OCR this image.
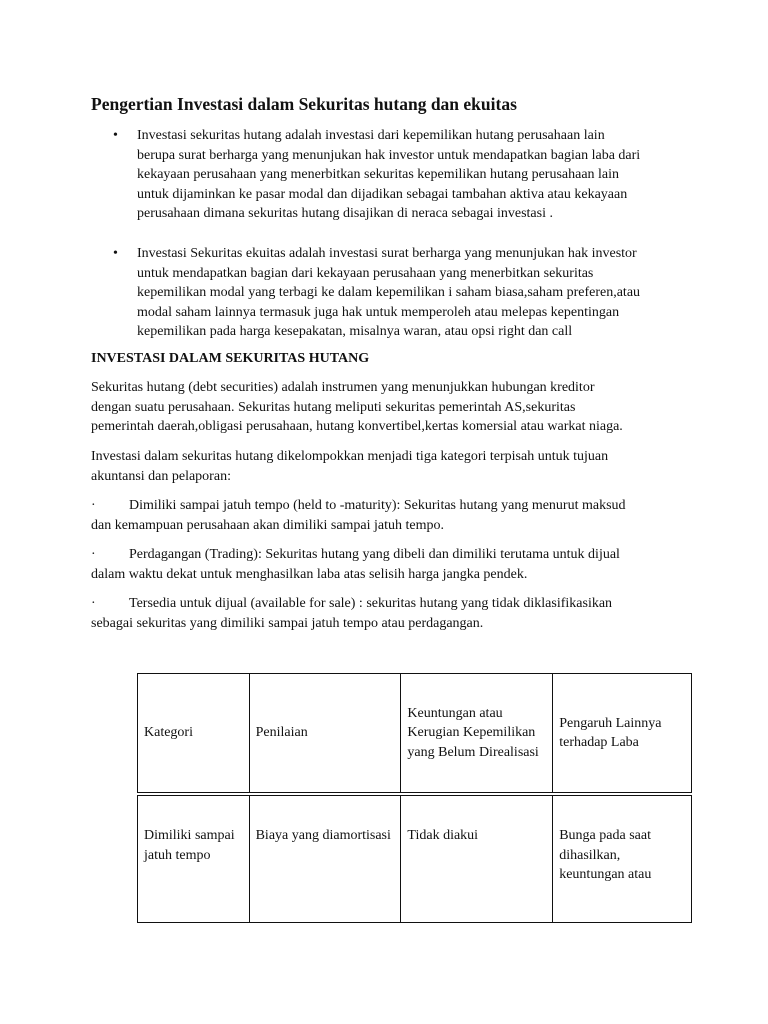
Pengertian Investasi dalam Sekuritas hutang dan ekuitas
• Investasi sekuritas hutang adalah investasi dari kepemilikan hutang perusahaan lain

berupa surat berharga yang menunjukan hak investor untuk mendapatkan bagian laba dari

kekayaan perusahaan yang menerbitkan sekuritas kepemilikan hutang perusahaan lain

untuk dijaminkan ke pasar modal dan dijadikan sebagai tambahan aktiva atau kekayaan

perusahaan dimana sekuritas hutang disajikan di neraca sebagai investasi .

• Investasi Sekuritas ekuitas adalah investasi surat berharga yang menunjukan hak investor

untuk mendapatkan bagian dari kekayaan perusahaan yang menerbitkan sekuritas

kepemilikan modal yang terbagi ke dalam kepemilikan i saham biasa,saham preferen,atau

modal saham lainnya termasuk juga hak untuk memperoleh atau melepas kepentingan

kepemilikan pada harga kesepakatan, misalnya waran, atau opsi right dan call

INVESTASI DALAM SEKURITAS HUTANG

Sekuritas hutang (debt securities) adalah instrumen yang menunjukkan hubungan kreditor

dengan suatu perusahaan. Sekuritas hutang meliputi sekuritas pemerintah AS,sekuritas

pemerintah daerah,obligasi perusahaan, hutang konvertibel,kertas komersial atau warkat niaga.

Investasi dalam sekuritas hutang dikelompokkan menjadi tiga kategori terpisah untuk tujuan

akuntansi dan pelaporan:

· Dimiliki sampai jatuh tempo (held to -maturity): Sekuritas hutang yang menurut maksud

dan kemampuan perusahaan akan dimiliki sampai jatuh tempo.

· Perdagangan (Trading): Sekuritas hutang yang dibeli dan dimiliki terutama untuk dijual

dalam waktu dekat untuk menghasilkan laba atas selisih harga jangka pendek.

· Tersedia untuk dijual (available for sale) : sekuritas hutang yang tidak diklasifikasikan

sebagai sekuritas yang dimiliki sampai jatuh tempo atau perdagangan.

Kategori	Penilaian	Keuntungan atau Kerugian Kepemilikan yang Belum Direalisasi	Pengaruh Lainnya terhadap Laba
Dimiliki sampai jatuh tempo	Biaya yang diamortisasi	Tidak diakui	Bunga pada saat dihasilkan, keuntungan atau
